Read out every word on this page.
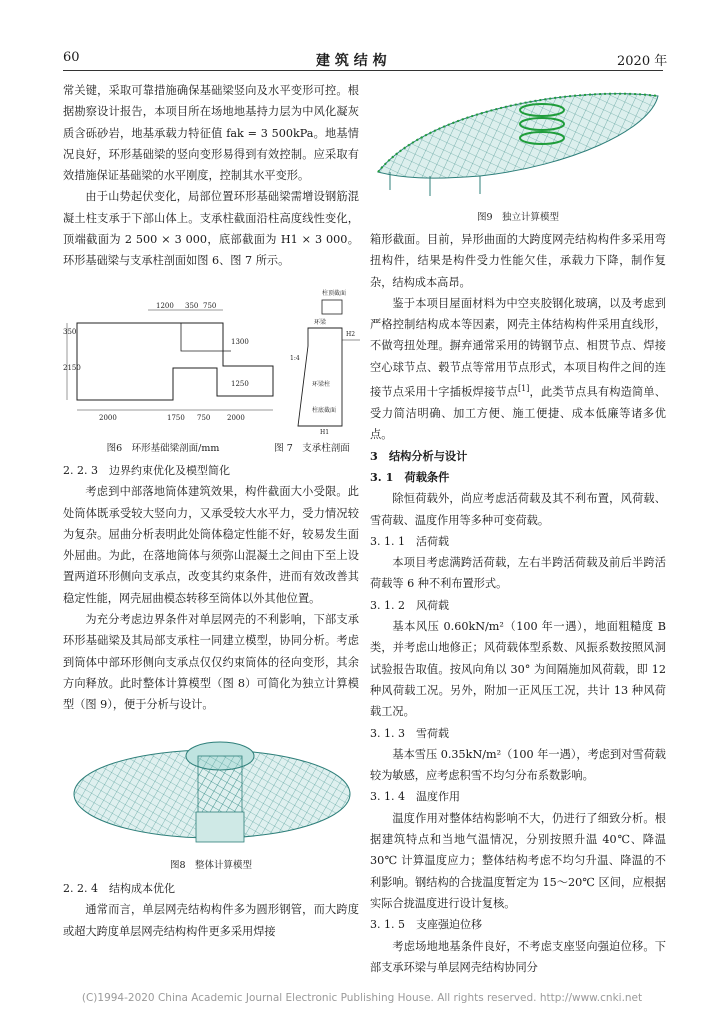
60	建 筑 结 构	2020 年

常关键，采取可靠措施确保基础梁竖向及水平变形可控。根据勘察设计报告，本项目所在场地地基持力层为中风化凝灰质含砾砂岩，地基承载力特征值 fak = 3 500kPa。地基情况良好，环形基础梁的竖向变形易得到有效控制。应采取有效措施保证基础梁的水平刚度，控制其水平变形。

由于山势起伏变化，局部位置环形基础梁需增设钢筋混凝土柱支承于下部山体上。支承柱截面沿柱高度线性变化，顶端截面为 2 500 × 3 000，底部截面为 H1 × 3 000。环形基础梁与支承柱剖面如图 6、图 7 所示。

1200 350 750
350
2150
1250
1300
2000	1750 750 2000
柱顶截面
环梁
1:4
H2
环梁柱
柱底截面
H1
图6　环形基础梁剖面/mm	图 7　支承柱剖面

2. 2. 3　边界约束优化及模型简化

考虑到中部落地筒体建筑效果，构件截面大小受限。此处筒体既承受较大竖向力，又承受较大水平力，受力情况较为复杂。屈曲分析表明此处筒体稳定性能不好，较易发生面外屈曲。为此，在落地筒体与须弥山混凝土之间由下至上设置两道环形侧向支承点，改变其约束条件，进而有效改善其稳定性能，网壳屈曲模态转移至筒体以外其他位置。

为充分考虑边界条件对单层网壳的不利影响，下部支承环形基础梁及其局部支承柱一同建立模型，协同分析。考虑到筒体中部环形侧向支承点仅仅约束筒体的径向变形，其余方向释放。此时整体计算模型（图 8）可简化为独立计算模型（图 9），便于分析与设计。

图8　整体计算模型

2. 2. 4　结构成本优化

通常而言，单层网壳结构构件多为圆形钢管，而大跨度或超大跨度单层网壳结构构件更多采用焊接

图9　独立计算模型

箱形截面。目前，异形曲面的大跨度网壳结构构件多采用弯扭构件，结果是构件受力性能欠佳，承载力下降，制作复杂，结构成本高昂。

鉴于本项目屋面材料为中空夹胶钢化玻璃，以及考虑到严格控制结构成本等因素，网壳主体结构构件采用直线形，不做弯扭处理。摒弃通常采用的铸钢节点、相贯节点、焊接空心球节点、毂节点等常用节点形式，本项目构件之间的连接节点采用十字插板焊接节点[1]，此类节点具有构造简单、受力简洁明确、加工方便、施工便捷、成本低廉等诸多优点。

3　结构分析与设计

3. 1　荷载条件

除恒荷载外，尚应考虑活荷载及其不利布置，风荷载、雪荷载、温度作用等多种可变荷载。

3. 1. 1　活荷载

本项目考虑满跨活荷载，左右半跨活荷载及前后半跨活荷载等 6 种不利布置形式。

3. 1. 2　风荷载

基本风压 0.60kN/m²（100 年一遇），地面粗糙度 B 类，并考虑山地修正；风荷载体型系数、风振系数按照风洞试验报告取值。按风向角以 30° 为间隔施加风荷载，即 12 种风荷载工况。另外，附加一正风压工况，共计 13 种风荷载工况。

3. 1. 3　雪荷载

基本雪压 0.35kN/m²（100 年一遇），考虑到对雪荷载较为敏感，应考虑积雪不均匀分布系数影响。

3. 1. 4　温度作用

温度作用对整体结构影响不大，仍进行了细致分析。根据建筑特点和当地气温情况，分别按照升温 40℃、降温 30℃ 计算温度应力；整体结构考虑不均匀升温、降温的不利影响。钢结构的合拢温度暂定为 15～20℃ 区间，应根据实际合拢温度进行设计复核。

3. 1. 5　支座强迫位移

考虑场地地基条件良好，不考虑支座竖向强迫位移。下部支承环梁与单层网壳结构协同分

(C)1994-2020 China Academic Journal Electronic Publishing House. All rights reserved. http://www.cnki.net
